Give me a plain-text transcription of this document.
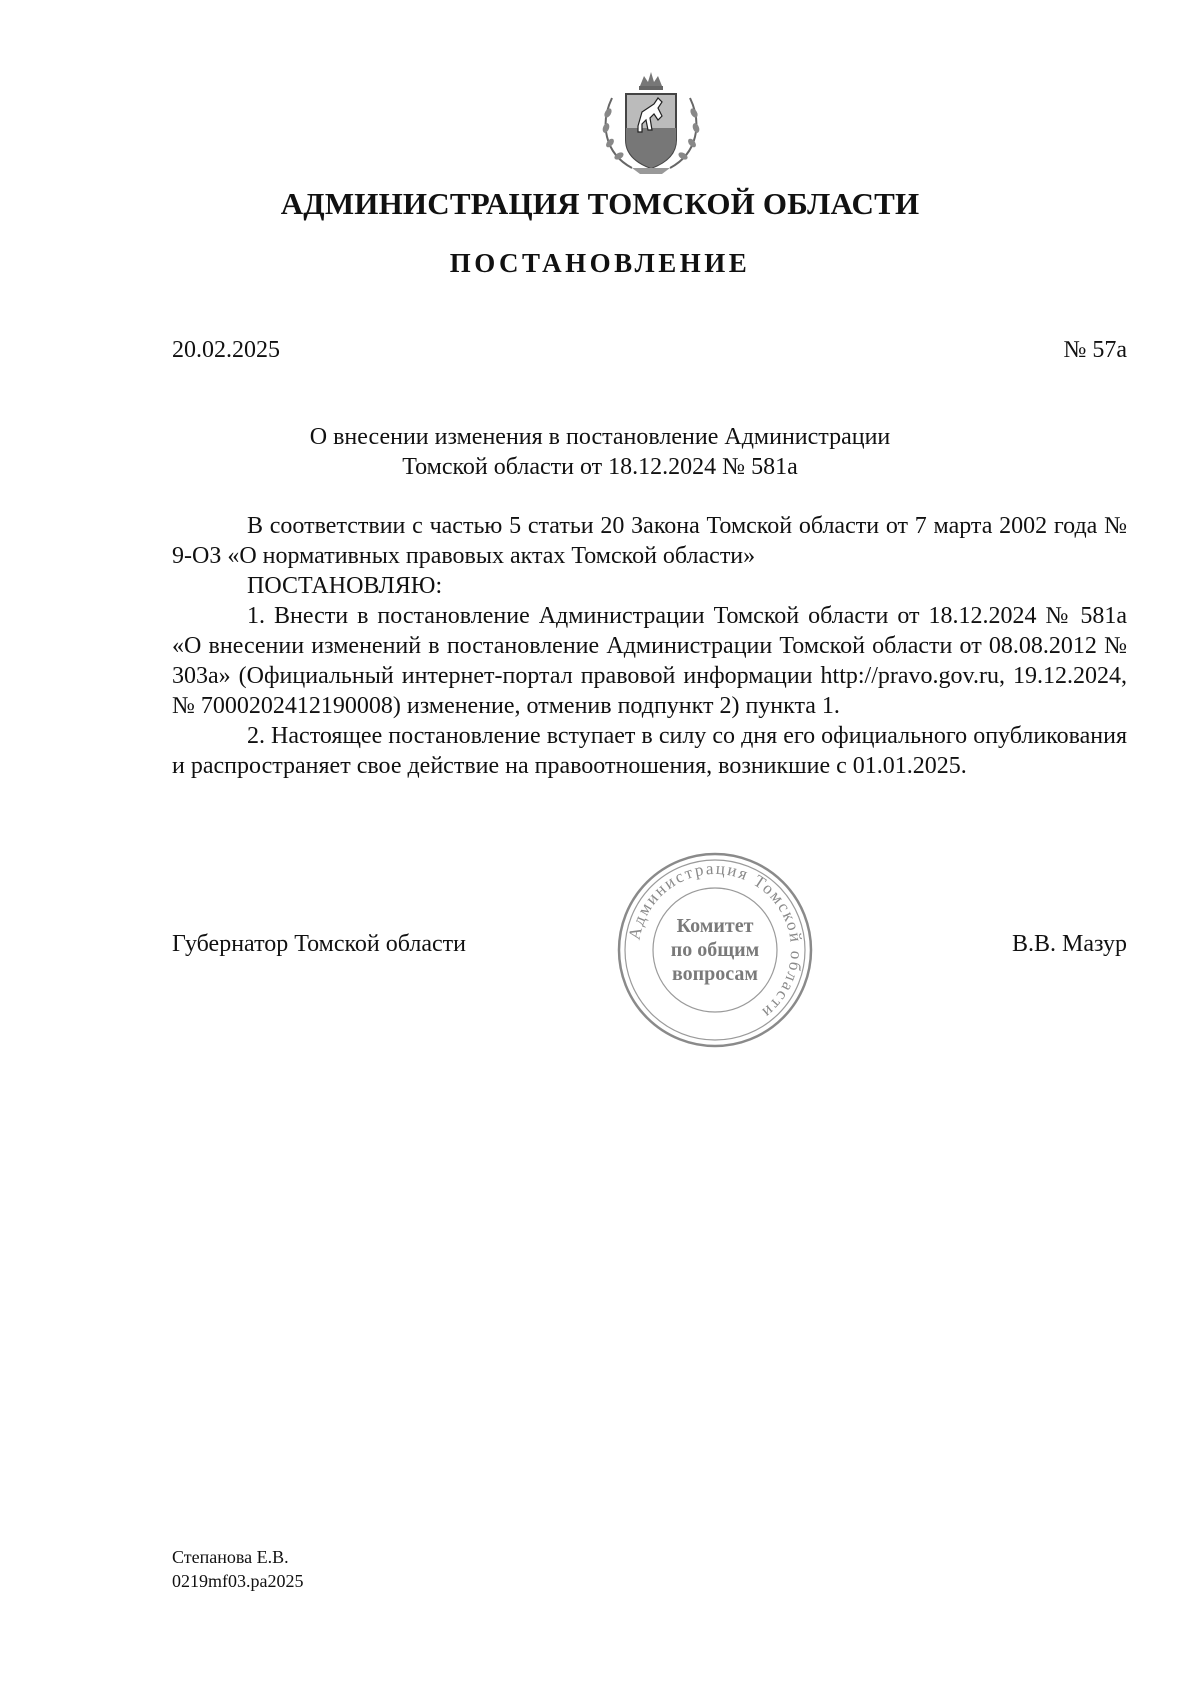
АДМИНИСТРАЦИЯ ТОМСКОЙ ОБЛАСТИ
ПОСТАНОВЛЕНИЕ
20.02.2025	№ 57а
О внесении изменения в постановление Администрации
Томской области от 18.12.2024 № 581а

В соответствии с частью 5 статьи 20 Закона Томской области от 7 марта 2002 года № 9-ОЗ «О нормативных правовых актах Томской области»

ПОСТАНОВЛЯЮ:

1. Внести в постановление Администрации Томской области от 18.12.2024 № 581а «О внесении изменений в постановление Администрации Томской области от 08.08.2012 № 303а» (Официальный интернет-портал правовой информации http://pravo.gov.ru, 19.12.2024, № 7000202412190008) изменение, отменив подпункт 2) пункта 1.

2. Настоящее постановление вступает в силу со дня его официального опубликования и распространяет свое действие на правоотношения, возникшие с 01.01.2025.

Губернатор Томской области	В.В. Мазур
Администрация Томской области
Комитет
по общим
вопросам
Степанова Е.В.
0219mf03.pa2025
